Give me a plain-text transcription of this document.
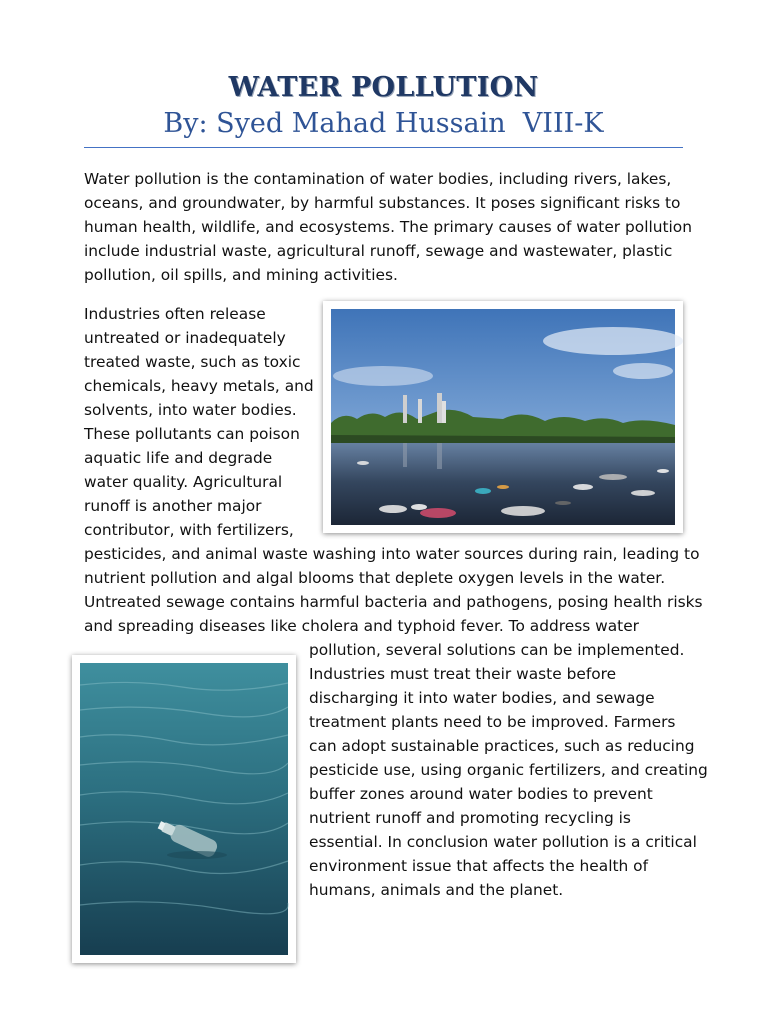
WATER POLLUTION
By: Syed Mahad Hussain  VIII-K
Water pollution is the contamination of water bodies, including rivers, lakes,
oceans, and groundwater, by harmful substances. It poses significant risks to
human health, wildlife, and ecosystems. The primary causes of water pollution
include industrial waste, agricultural runoff, sewage and wastewater, plastic
pollution, oil spills, and mining activities.
Industries often release
untreated or inadequately
treated waste, such as toxic
chemicals, heavy metals, and
solvents, into water bodies.
These pollutants can poison
aquatic life and degrade
water quality. Agricultural
runoff is another major
contributor, with fertilizers,
pesticides, and animal waste washing into water sources during rain, leading to
nutrient pollution and algal blooms that deplete oxygen levels in the water.
Untreated sewage contains harmful bacteria and pathogens, posing health risks
and spreading diseases like cholera and typhoid fever. To address water
pollution, several solutions can be implemented.
Industries must treat their waste before
discharging it into water bodies, and sewage
treatment plants need to be improved. Farmers
can adopt sustainable practices, such as reducing
pesticide use, using organic fertilizers, and creating
buffer zones around water bodies to prevent
nutrient runoff and promoting recycling is
essential. In conclusion water pollution is a critical
environment issue that affects the health of
humans, animals and the planet.
